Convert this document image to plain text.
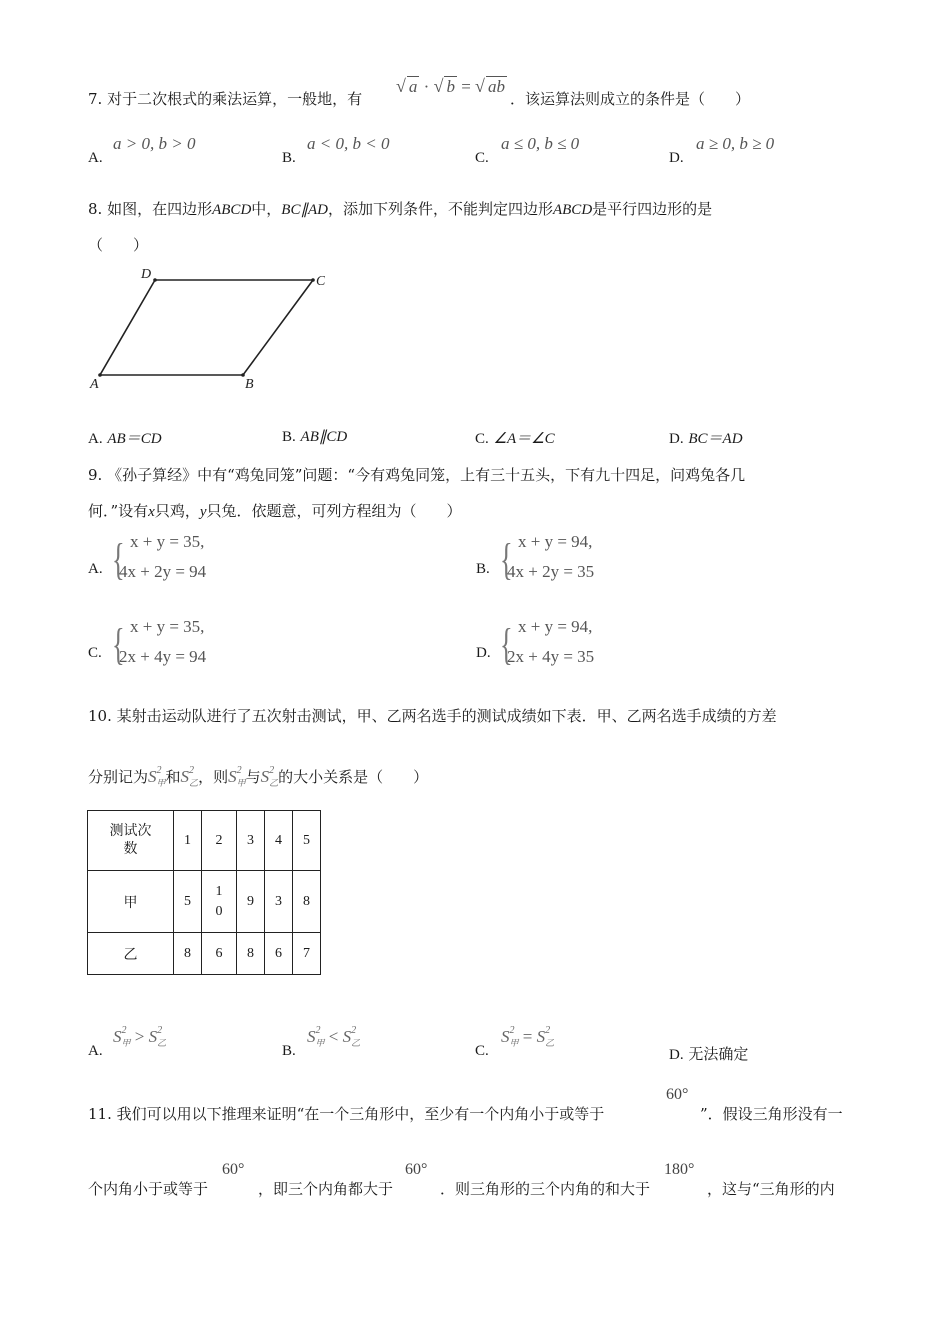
7. 对于二次根式的乘法运算，一般地，有
√ a · √ b = √ ab
．该运算法则成立的条件是（　　）
A.
a > 0, b > 0
B.
a < 0, b < 0
C.
a ≤ 0, b ≤ 0
D.
a ≥ 0, b ≥ 0
8. 如图，在四边形ABCD中，BC∥AD，添加下列条件，不能判定四边形ABCD是平行四边形的是
（　　）
A	B
C
D
A. AB＝CD	B. AB∥CD	C. ∠A＝∠C	D. BC＝AD
9. 《孙子算经》中有“鸡兔同笼”问题：“今有鸡兔同笼，上有三十五头，下有九十四足，问鸡兔各几
何．”设有x只鸡，y只兔．依题意，可列方程组为（　　）
A. { x + y = 35,
4x + 2y = 94	B. { x + y = 94,
4x + 2y = 35
C. { x + y = 35,
2x + 4y = 94	D. { x + y = 94,
2x + 4y = 35
10. 某射击运动队进行了五次射击测试，甲、乙两名选手的测试成绩如下表．甲、乙两名选手成绩的方差
分别记为$S^2_甲$和$S^2_乙$，则$S^2_甲$与$S^2_乙$的大小关系是（　　）
测试次数	1	2	3	4	5
甲	5	10	9	3	8
乙	8	6	8	6	7
A.
$S^2_甲 > S^2_乙$	B.
$S^2_甲 < S^2_乙$	C.
$S^2_甲 = S^2_乙$
D. 无法确定
11. 我们可以用以下推理来证明“在一个三角形中，至少有一个内角小于或等于
60°
”．假设三角形没有一
个内角小于或等于
60°
，即三个内角都大于
60°
．则三角形的三个内角的和大于
180°
，这与“三角形的内
